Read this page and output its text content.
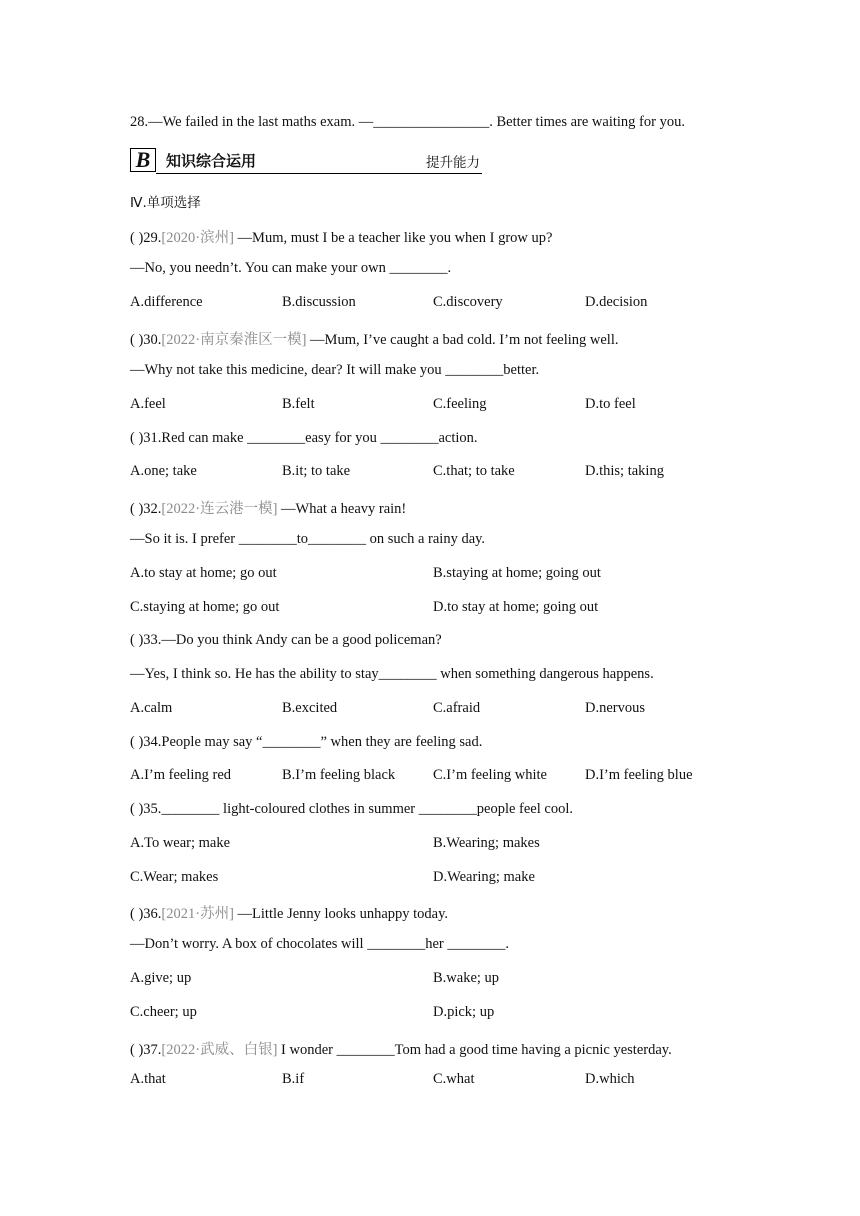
28.—We failed in the last maths exam. —________________. Better times are waiting for you.
B	知识综合运用	提升能力
Ⅳ.单项选择
( )29.[2020·滨州] —Mum, must I be a teacher like you when I grow up?
—No, you needn’t. You can make your own ________.
A.difference	B.discussion	C.discovery	D.decision
( )30.[2022·南京秦淮区一模] —Mum, I’ve caught a bad cold. I’m not feeling well.
—Why not take this medicine, dear? It will make you ________better.
A.feel	B.felt	C.feeling	D.to feel
( )31.Red can make ________easy for you ________action.
A.one; take	B.it; to take	C.that; to take	D.this; taking
( )32.[2022·连云港一模] —What a heavy rain!
—So it is. I prefer ________to________ on such a rainy day.
A.to stay at home; go out	B.staying at home; going out
C.staying at home; go out	D.to stay at home; going out
( )33.—Do you think Andy can be a good policeman?
—Yes, I think so. He has the ability to stay________ when something dangerous happens.
A.calm	B.excited	C.afraid	D.nervous
( )34.People may say “________” when they are feeling sad.
A.I’m feeling red	B.I’m feeling black	C.I’m feeling white	D.I’m feeling blue
( )35.________ light-coloured clothes in summer ________people feel cool.
A.To wear; make	B.Wearing; makes
C.Wear; makes	D.Wearing; make
( )36.[2021·苏州] —Little Jenny looks unhappy today.
—Don’t worry. A box of chocolates will ________her ________.
A.give; up	B.wake; up
C.cheer; up	D.pick; up
( )37.[2022·武威、白银] I wonder ________Tom had a good time having a picnic yesterday.
A.that	B.if	C.what	D.which
